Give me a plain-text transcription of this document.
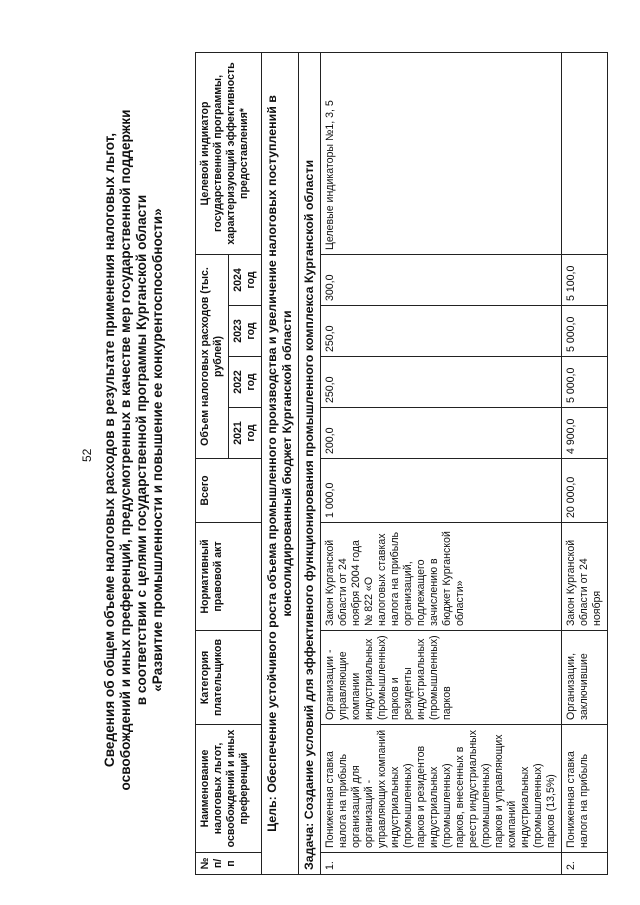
52 Сведения об общем объеме налоговых расходов в результате применения налоговых льгот, освобождений и иных преференций, предусмотренных в качестве мер государственной поддержки в соответствии с целями государственной программы Курганской области «Развитие промышленности и повышение ее конкурентоспособности»
№ п/п	Наименование налоговых льгот, освобождений и иных преференций	Категория плательщиков	Нормативный правовой акт	Всего	Объем налоговых расходов (тыс. рублей)				Целевой индикатор государственной программы, характеризующий эффективность предоставления*
					2021 год	2022 год	2023 год	2024 год	
Цель: Обеспечение устойчивого роста объема промышленного производства и увеличение налоговых поступлений в консолидированный бюджет Курганской области									
Задача: Создание условий для эффективного функционирования промышленного комплекса Курганской области									
1.	Пониженная ставка налога на прибыль организаций для организаций - управляющих компаний индустриальных (промышленных) парков и резидентов индустриальных (промышленных) парков, внесенных в реестр индустриальных (промышленных) парков и управляющих компаний индустриальных (промышленных) парков (13,5%)	Организации - управляющие компании индустриальных (промышленных) парков и резиденты индустриальных (промышленных) парков	Закон Курганской области от 24 ноября 2004 года № 822 «О налоговых ставках налога на прибыль организаций, подлежащего зачислению в бюджет Курганской области»	1 000,0	200,0	250,0	250,0	300,0	Целевые индикаторы №1, 3, 5
2.	Пониженная ставка налога на прибыль	Организации, заключившие	Закон Курганской области от 24 ноября	20 000,0	4 900,0	5 000,0	5 000,0	5 100,0	
